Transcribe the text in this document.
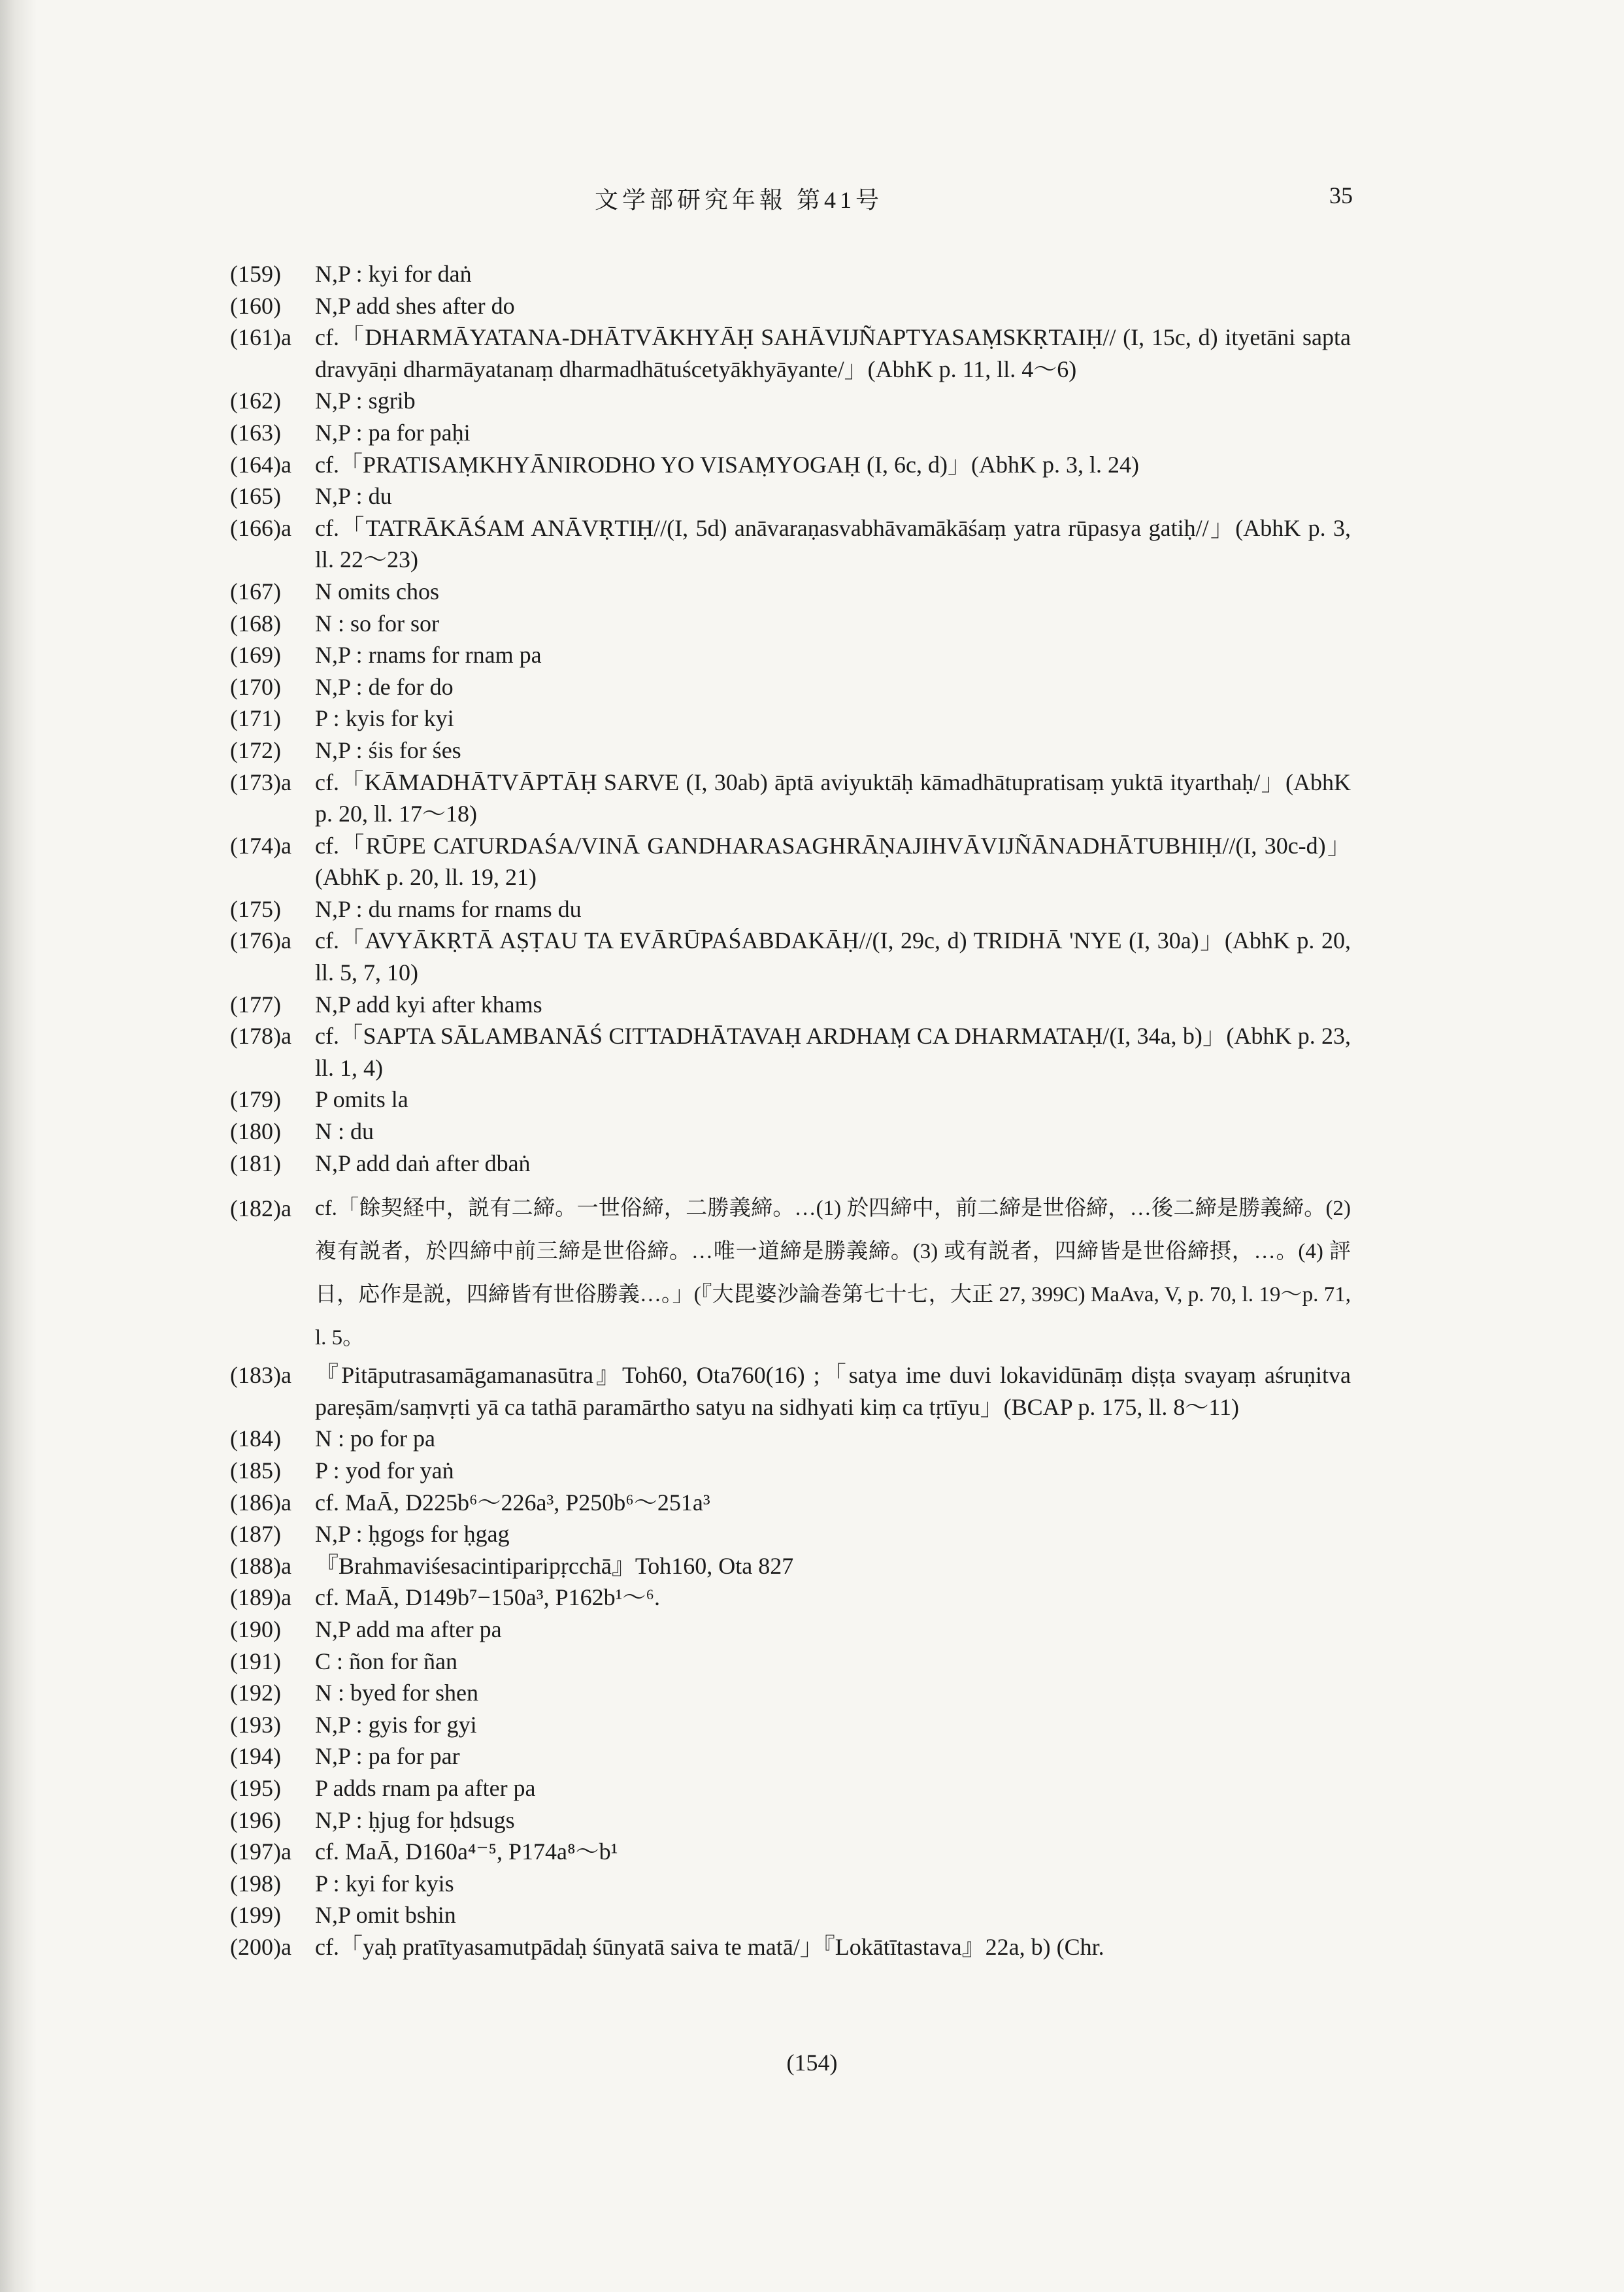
文学部研究年報 第41号	35
(159) N,P : kyi for daṅ
(160) N,P add shes after do
(161)a cf.「DHARMĀYATANA-DHĀTVĀKHYĀḤ SAHĀVIJÑAPTYASAṂSKṚTAIḤ// (I, 15c, d) ityetāni sapta dravyāṇi dharmāyatanaṃ dharmadhātuścetyākhyāyante/」(AbhK p. 11, ll. 4～6)
(162) N,P : sgrib
(163) N,P : pa for paḥi
(164)a cf.「PRATISAṂKHYĀNIRODHO YO VISAṂYOGAḤ (I, 6c, d)」(AbhK p. 3, l. 24)
(165) N,P : du
(166)a cf.「TATRĀKĀŚAM ANĀVṚTIḤ//(I, 5d) anāvaraṇasvabhāvamākāśaṃ yatra rūpasya gatiḥ//」(AbhK p. 3, ll. 22～23)
(167) N omits chos
(168) N : so for sor
(169) N,P : rnams for rnam pa
(170) N,P : de for do
(171) P : kyis for kyi
(172) N,P : śis for śes
(173)a cf.「KĀMADHĀTVĀPTĀḤ SARVE (I, 30ab) āptā aviyuktāḥ kāmadhātupratisaṃ yuktā ityarthaḥ/」(AbhK p. 20, ll. 17～18)
(174)a cf.「RŪPE CATURDAŚA/VINĀ GANDHARASAGHRĀṆAJIHVĀVIJÑĀNADHĀTUBHIḤ//(I, 30c-d)」(AbhK p. 20, ll. 19, 21)
(175) N,P : du rnams for rnams du
(176)a cf.「AVYĀKṚTĀ AṢṬAU TA EVĀRŪPAŚABDAKĀḤ//(I, 29c, d) TRIDHĀ 'NYE (I, 30a)」(AbhK p. 20, ll. 5, 7, 10)
(177) N,P add kyi after khams
(178)a cf.「SAPTA SĀLAMBANĀŚ CITTADHĀTAVAḤ ARDHAṂ CA DHARMATAḤ/(I, 34a, b)」(AbhK p. 23, ll. 1, 4)
(179) P omits la
(180) N : du
(181) N,P add daṅ after dbaṅ
(182)a cf.「餘契経中，説有二締。一世俗締，二勝義締。…(1) 於四締中，前二締是世俗締，…後二締是勝義締。(2) 複有説者，於四締中前三締是世俗締。…唯一道締是勝義締。(3) 或有説者，四締皆是世俗締摂，…。(4) 評日，応作是説，四締皆有世俗勝義…。」(『大毘婆沙論巻第七十七，大正 27, 399C) MaAva, V, p. 70, l. 19～p. 71, l. 5。
(183)a 『Pitāputrasamāgamanasūtra』Toh60, Ota760(16) ;「satya ime duvi lokavidūnāṃ diṣṭa svayaṃ aśruṇitva pareṣām/saṃvṛti yā ca tathā paramārtho satyu na sidhyati kiṃ ca tṛtīyu」(BCAP p. 175, ll. 8～11)
(184) N : po for pa
(185) P : yod for yaṅ
(186)a cf. MaĀ, D225b⁶～226a³, P250b⁶～251a³
(187) N,P : ḥgogs for ḥgag
(188)a 『Brahmaviśesacintiparipṛcchā』Toh160, Ota 827
(189)a cf. MaĀ, D149b⁷−150a³, P162b¹～⁶.
(190) N,P add ma after pa
(191) C : ñon for ñan
(192) N : byed for shen
(193) N,P : gyis for gyi
(194) N,P : pa for par
(195) P adds rnam pa after pa
(196) N,P : ḥjug for ḥdsugs
(197)a cf. MaĀ, D160a⁴⁻⁵, P174a⁸～b¹
(198) P : kyi for kyis
(199) N,P omit bshin
(200)a cf.「yaḥ pratītyasamutpādaḥ śūnyatā saiva te matā/」『Lokātītastava』22a, b) (Chr.
(154)
